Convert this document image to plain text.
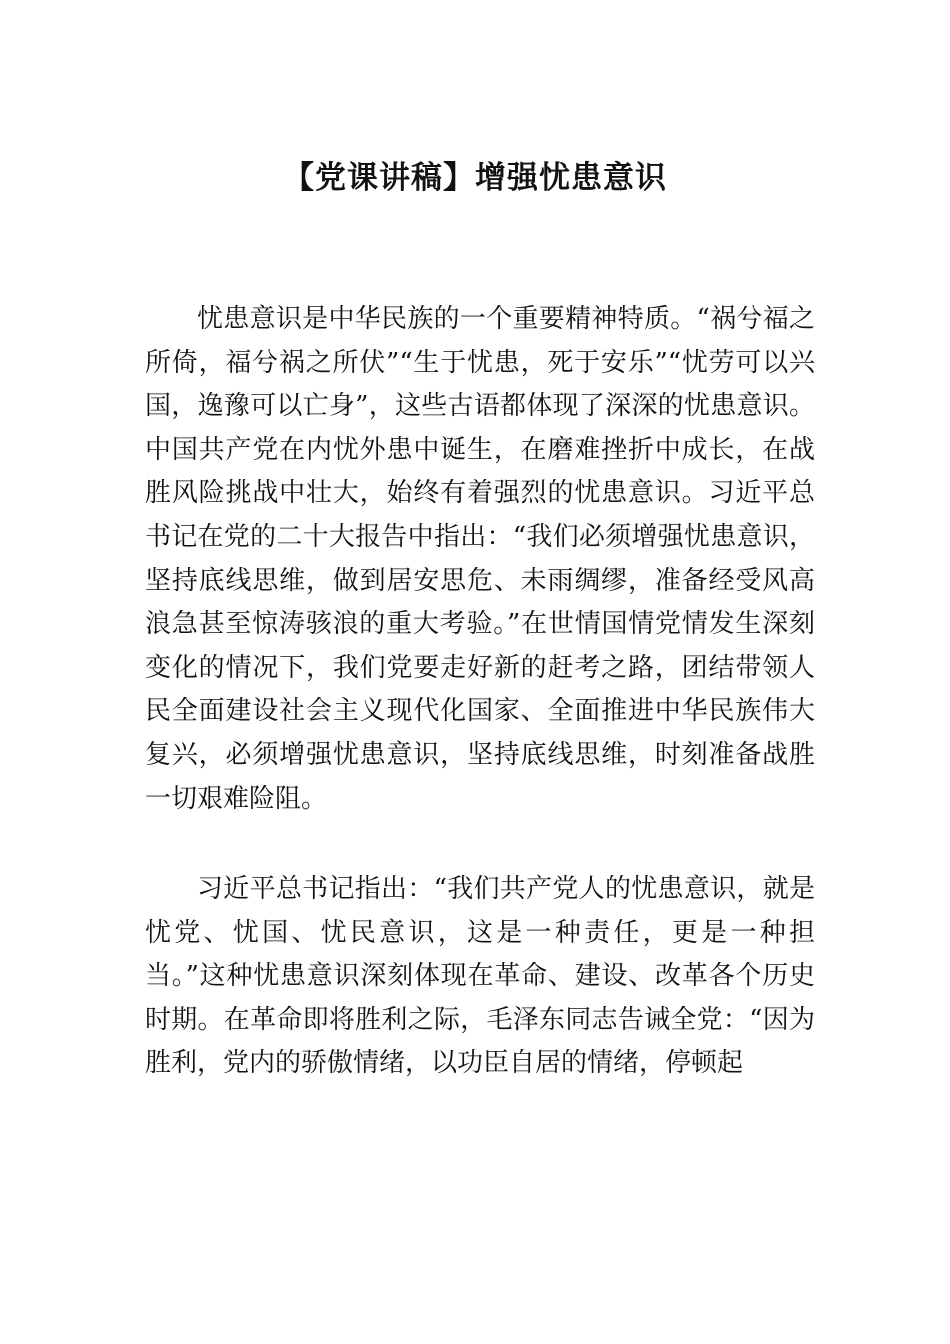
【党课讲稿】增强忧患意识

忧患意识是中华民族的一个重要精神特质。“祸兮福之所倚，福兮祸之所伏”“生于忧患，死于安乐”“忧劳可以兴国，逸豫可以亡身”，这些古语都体现了深深的忧患意识。中国共产党在内忧外患中诞生，在磨难挫折中成长，在战胜风险挑战中壮大，始终有着强烈的忧患意识。习近平总书记在党的二十大报告中指出：“我们必须增强忧患意识，坚持底线思维，做到居安思危、未雨绸缪，准备经受风高浪急甚至惊涛骇浪的重大考验。”在世情国情党情发生深刻变化的情况下，我们党要走好新的赶考之路，团结带领人民全面建设社会主义现代化国家、全面推进中华民族伟大复兴，必须增强忧患意识，坚持底线思维，时刻准备战胜一切艰难险阻。

习近平总书记指出：“我们共产党人的忧患意识，就是忧党、忧国、忧民意识，这是一种责任，更是一种担当。”这种忧患意识深刻体现在革命、建设、改革各个历史时期。在革命即将胜利之际，毛泽东同志告诫全党：“因为胜利，党内的骄傲情绪，以功臣自居的情绪，停顿起
